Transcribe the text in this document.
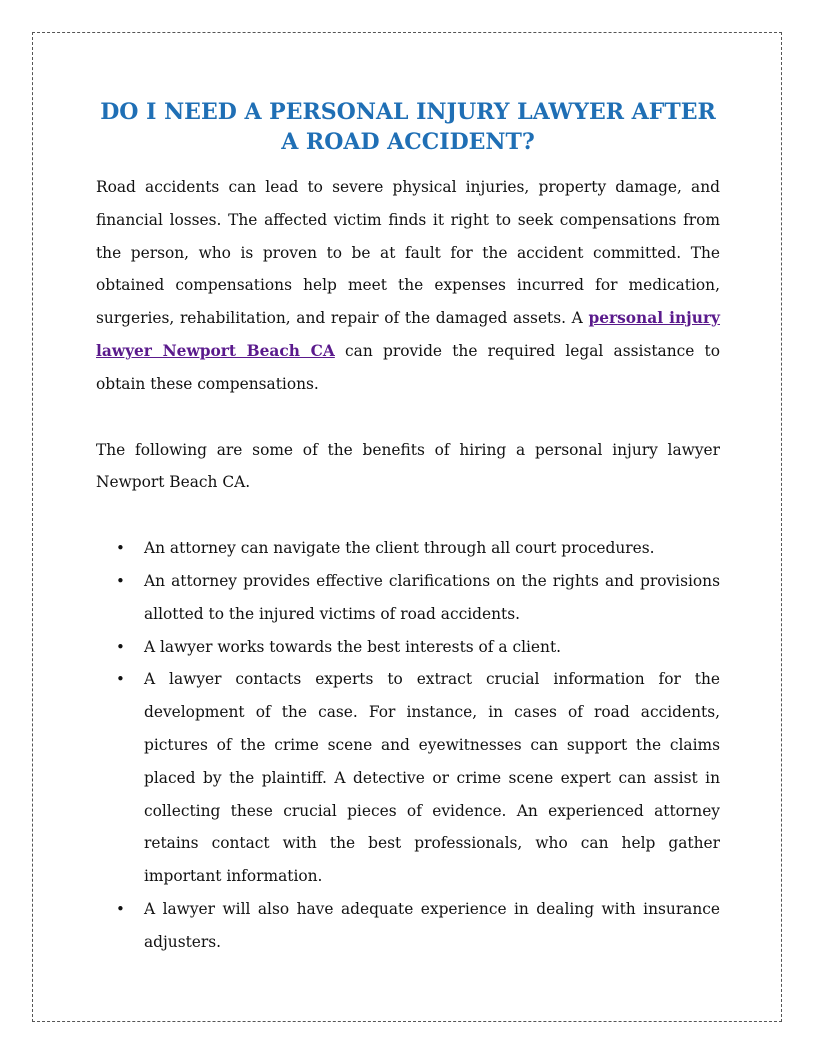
DO I NEED A PERSONAL INJURY LAWYER AFTER A ROAD ACCIDENT?

Road accidents can lead to severe physical injuries, property damage, and financial losses. The affected victim finds it right to seek compensations from the person, who is proven to be at fault for the accident committed. The obtained compensations help meet the expenses incurred for medication, surgeries, rehabilitation, and repair of the damaged assets. A personal injury lawyer Newport Beach CA can provide the required legal assistance to obtain these compensations.

The following are some of the benefits of hiring a personal injury lawyer Newport Beach CA.

• An attorney can navigate the client through all court procedures.
• An attorney provides effective clarifications on the rights and provisions allotted to the injured victims of road accidents.
• A lawyer works towards the best interests of a client.
• A lawyer contacts experts to extract crucial information for the development of the case. For instance, in cases of road accidents, pictures of the crime scene and eyewitnesses can support the claims placed by the plaintiff. A detective or crime scene expert can assist in collecting these crucial pieces of evidence. An experienced attorney retains contact with the best professionals, who can help gather important information.
• A lawyer will also have adequate experience in dealing with insurance adjusters.
